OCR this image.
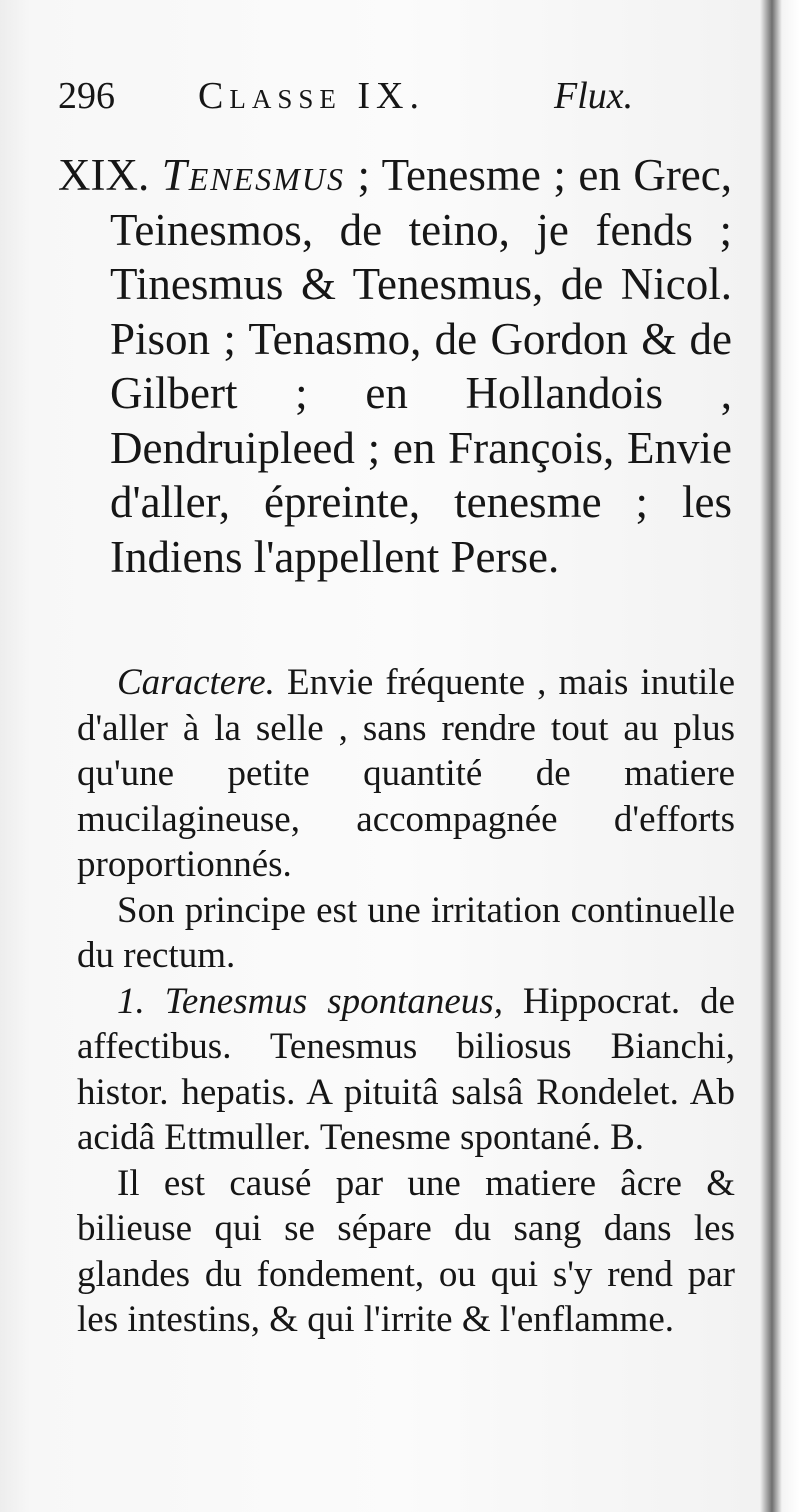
296 Classe IX.	Flux.
XIX. Tenesmus ; Tenesme ; en Grec, Teinesmos, de teino, je fends ; Tinesmus & Tenesmus, de Nicol. Pison ; Tenasmo, de Gordon & de Gilbert ; en Hollandois , Dendruipleed ; en François, Envie d'aller, épreinte, tenesme ; les Indiens l'appellent Perse.

Caractere. Envie fréquente , mais inutile d'aller à la selle , sans rendre tout au plus qu'une petite quantité de matiere mucilagineuse, accompagnée d'efforts proportionnés.

Son principe est une irritation continuelle du rectum.

1. Tenesmus spontaneus, Hippocrat. de affectibus. Tenesmus biliosus Bianchi, histor. hepatis. A pituitâ salsâ Rondelet. Ab acidâ Ettmuller. Tenesme spontané. B.

Il est causé par une matiere âcre & bilieuse qui se sépare du sang dans les glandes du fondement, ou qui s'y rend par les intestins, & qui l'irrite & l'enflamme.
